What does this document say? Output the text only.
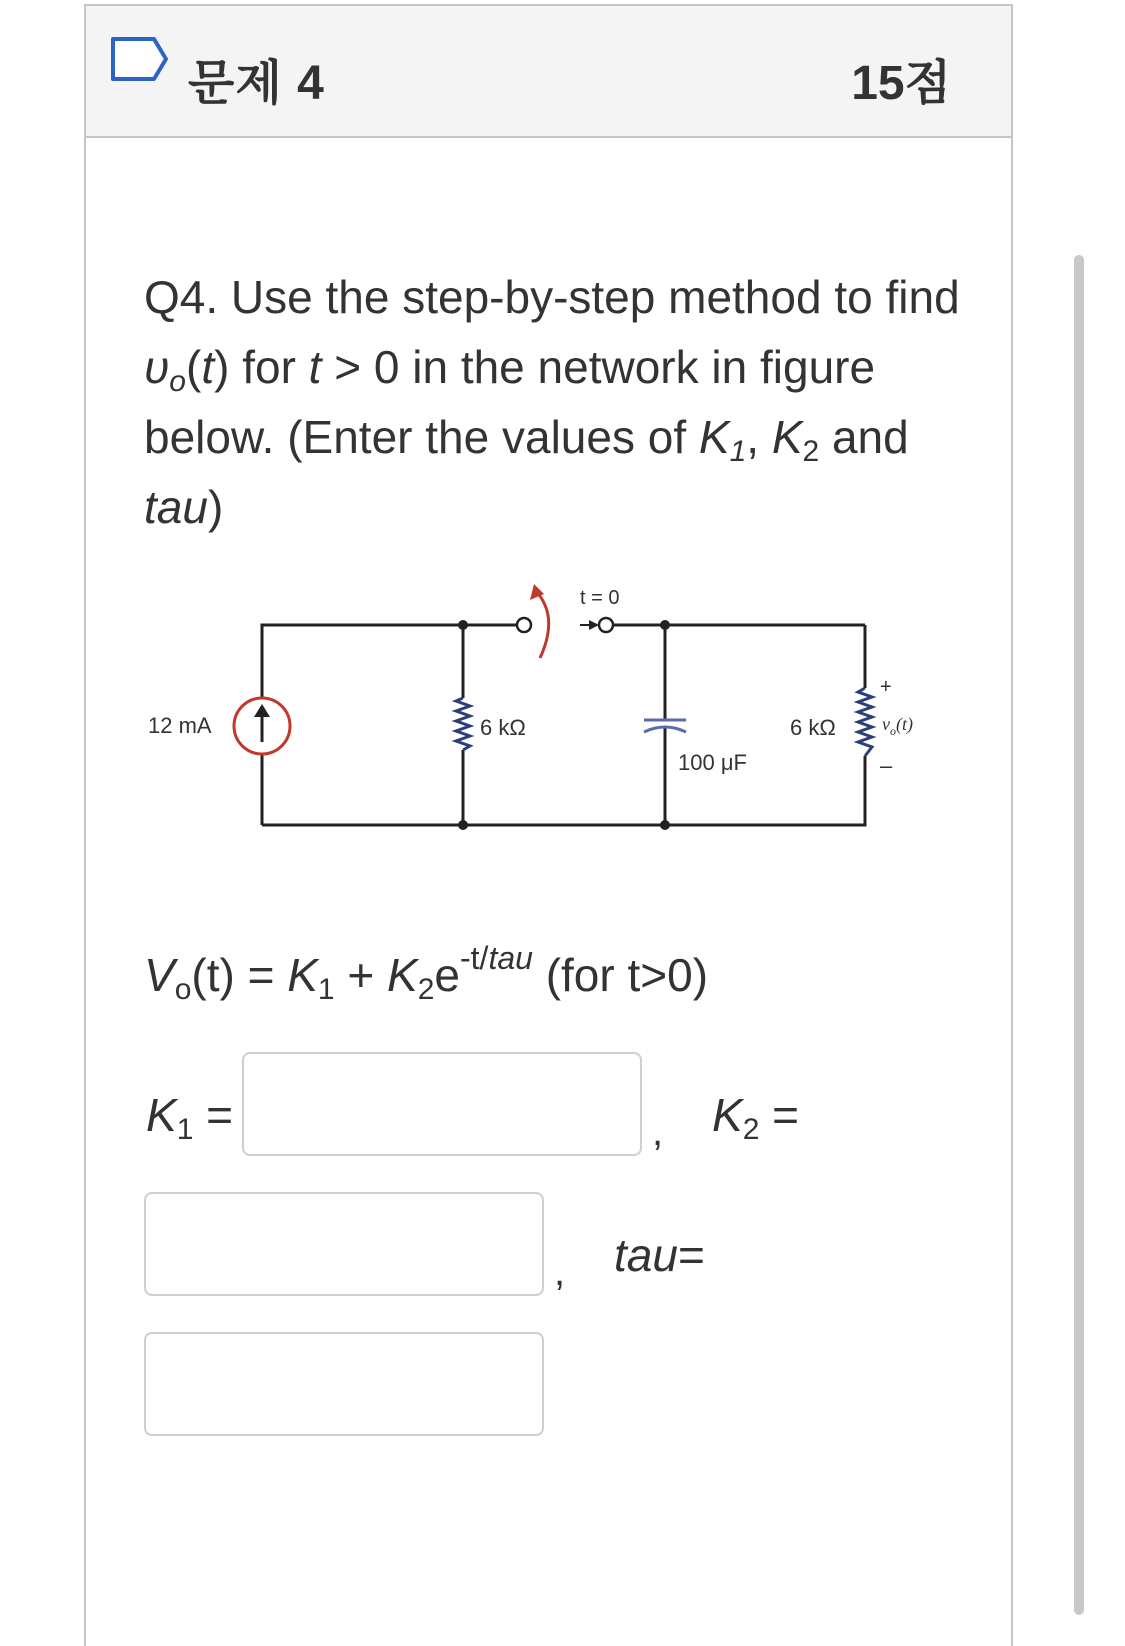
문제 4	15점
Q4. Use the step-by-step method to find $\upsilon_o(t)$ for t > 0 in the network in figure below. (Enter the values of $K_1$, $K_2$ and tau)
12 mA
t = 0
6 kΩ
100 μF
6 kΩ
+
–
$v_o(t)$
$V_o(t) = K_1 + K_2e^{-t/tau}$ (for t>0)
$K_1$ =	, $K_2$ =
, tau=
